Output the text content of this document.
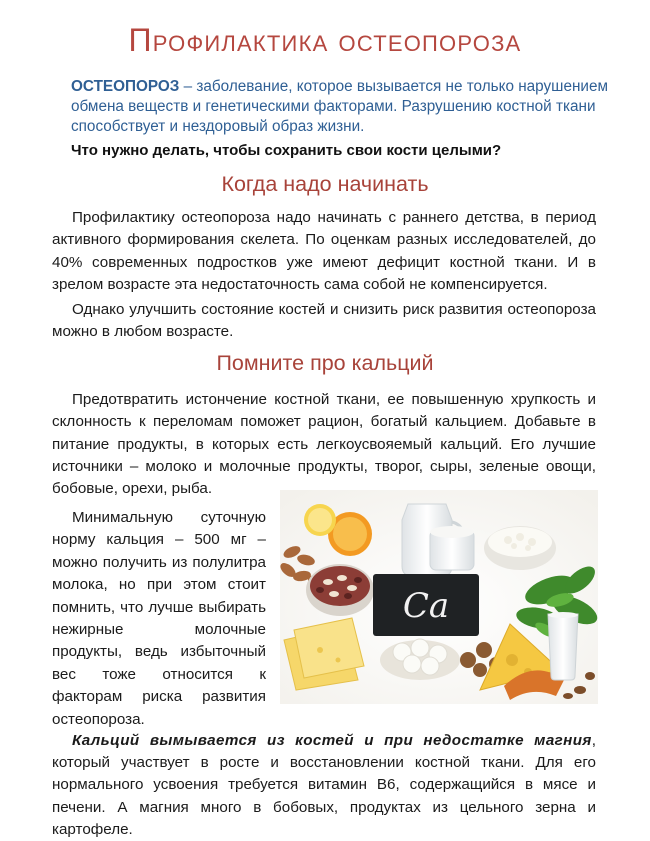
Профилактика остеопороза
ОСТЕОПОРОЗ – заболевание, которое вызывается не только нарушением обмена веществ и генетическими факторами. Разрушению костной ткани способствует и нездоровый образ жизни.
Что нужно делать, чтобы сохранить свои кости целыми?
Когда надо начинать

Профилактику остеопороза надо начинать с раннего детства, в период активного формирования скелета. По оценкам разных исследователей, до 40% современных подростков уже имеют дефицит костной ткани. И в зрелом возрасте эта недостаточность сама собой не компенсируется.

Однако улучшить состояние костей и снизить риск развития остеопороза можно в любом возрасте.

Помните про кальций

Предотвратить истончение костной ткани, ее повышенную хрупкость и склонность к переломам поможет рацион, богатый кальцием. Добавьте в питание продукты, в которых есть легкоусвояемый кальций. Его лучшие источники – молоко и молочные продукты, творог, сыры, зеленые овощи, бобовые, орехи, рыба.

Минимальную суточную норму кальция – 500 мг – можно получить из полулитра молока, но при этом стоит помнить, что лучше выбирать нежирные молочные продукты, ведь избыточный вес тоже относится к факторам риска развития остеопороза.

Ca

Кальций вымывается из костей и при недостатке магния, который участвует в росте и восстановлении костной ткани. Для его нормального усвоения требуется витамин В6, содержащийся в мясе и печени. А магния много в бобовых, продуктах из цельного зерна и картофеле.
